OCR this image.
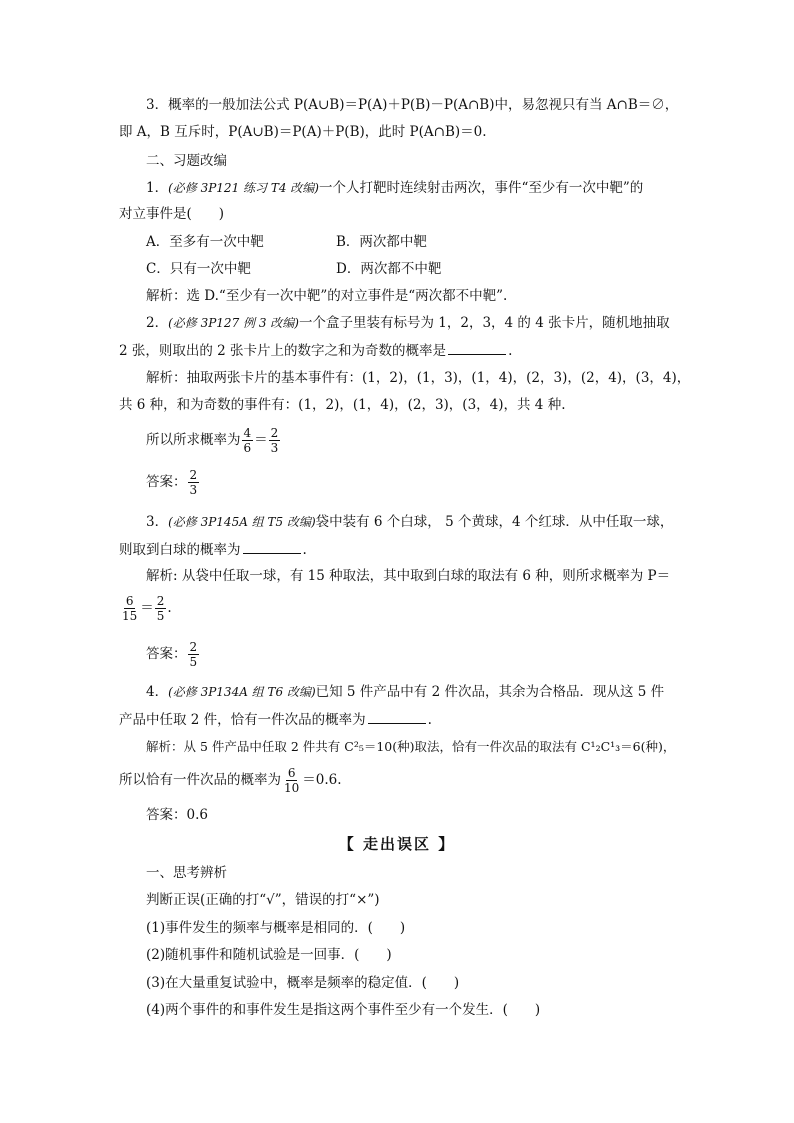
3．概率的一般加法公式 P(A∪B)＝P(A)＋P(B)－P(A∩B)中，易忽视只有当 A∩B＝∅，
即 A，B 互斥时，P(A∪B)＝P(A)＋P(B)，此时 P(A∩B)＝0.
二、习题改编
1．(必修 3P121 练习 T4 改编)一个人打靶时连续射击两次，事件“至少有一次中靶”的
对立事件是(　　)
A．至多有一次中靶	B．两次都中靶
C．只有一次中靶	D．两次都不中靶
解析：选 D.“至少有一次中靶”的对立事件是“两次都不中靶”.
2．(必修 3P127 例 3 改编)一个盒子里装有标号为 1，2，3，4 的 4 张卡片，随机地抽取
2 张，则取出的 2 张卡片上的数字之和为奇数的概率是	.
解析：抽取两张卡片的基本事件有：(1，2)，(1，3)，(1，4)，(2，3)，(2，4)，(3，4)，
共 6 种，和为奇数的事件有：(1，2)，(1，4)，(2，3)，(3，4)，共 4 种.
所以所求概率为 $\frac{4}{6} = \frac{2}{3}$
答案： $\frac{2}{3}$
3．(必修 3P145A 组 T5 改编)袋中装有 6 个白球， 5 个黄球，4 个红球．从中任取一球，
则取到白球的概率为	.
解析: 从袋中任取一球，有 15 种取法，其中取到白球的取法有 6 种，则所求概率为 P＝
$\frac{6}{15} = \frac{2}{5}$ .
答案： $\frac{2}{5}$
4．(必修 3P134A 组 T6 改编)已知 5 件产品中有 2 件次品，其余为合格品．现从这 5 件
产品中任取 2 件，恰有一件次品的概率为	.
解析：从 5 件产品中任取 2 件共有 C²₅＝10(种)取法，恰有一件次品的取法有 C¹₂C¹₃＝6(种)，
所以恰有一件次品的概率为 $\frac{6}{10} =0.6$.
答案：0.6
【 走出误区 】
一、思考辨析
判断正误(正确的打“√”，错误的打“×”)
(1)事件发生的频率与概率是相同的．(　　)
(2)随机事件和随机试验是一回事．(　　)
(3)在大量重复试验中，概率是频率的稳定值．(　　)
(4)两个事件的和事件发生是指这两个事件至少有一个发生．(　　)
